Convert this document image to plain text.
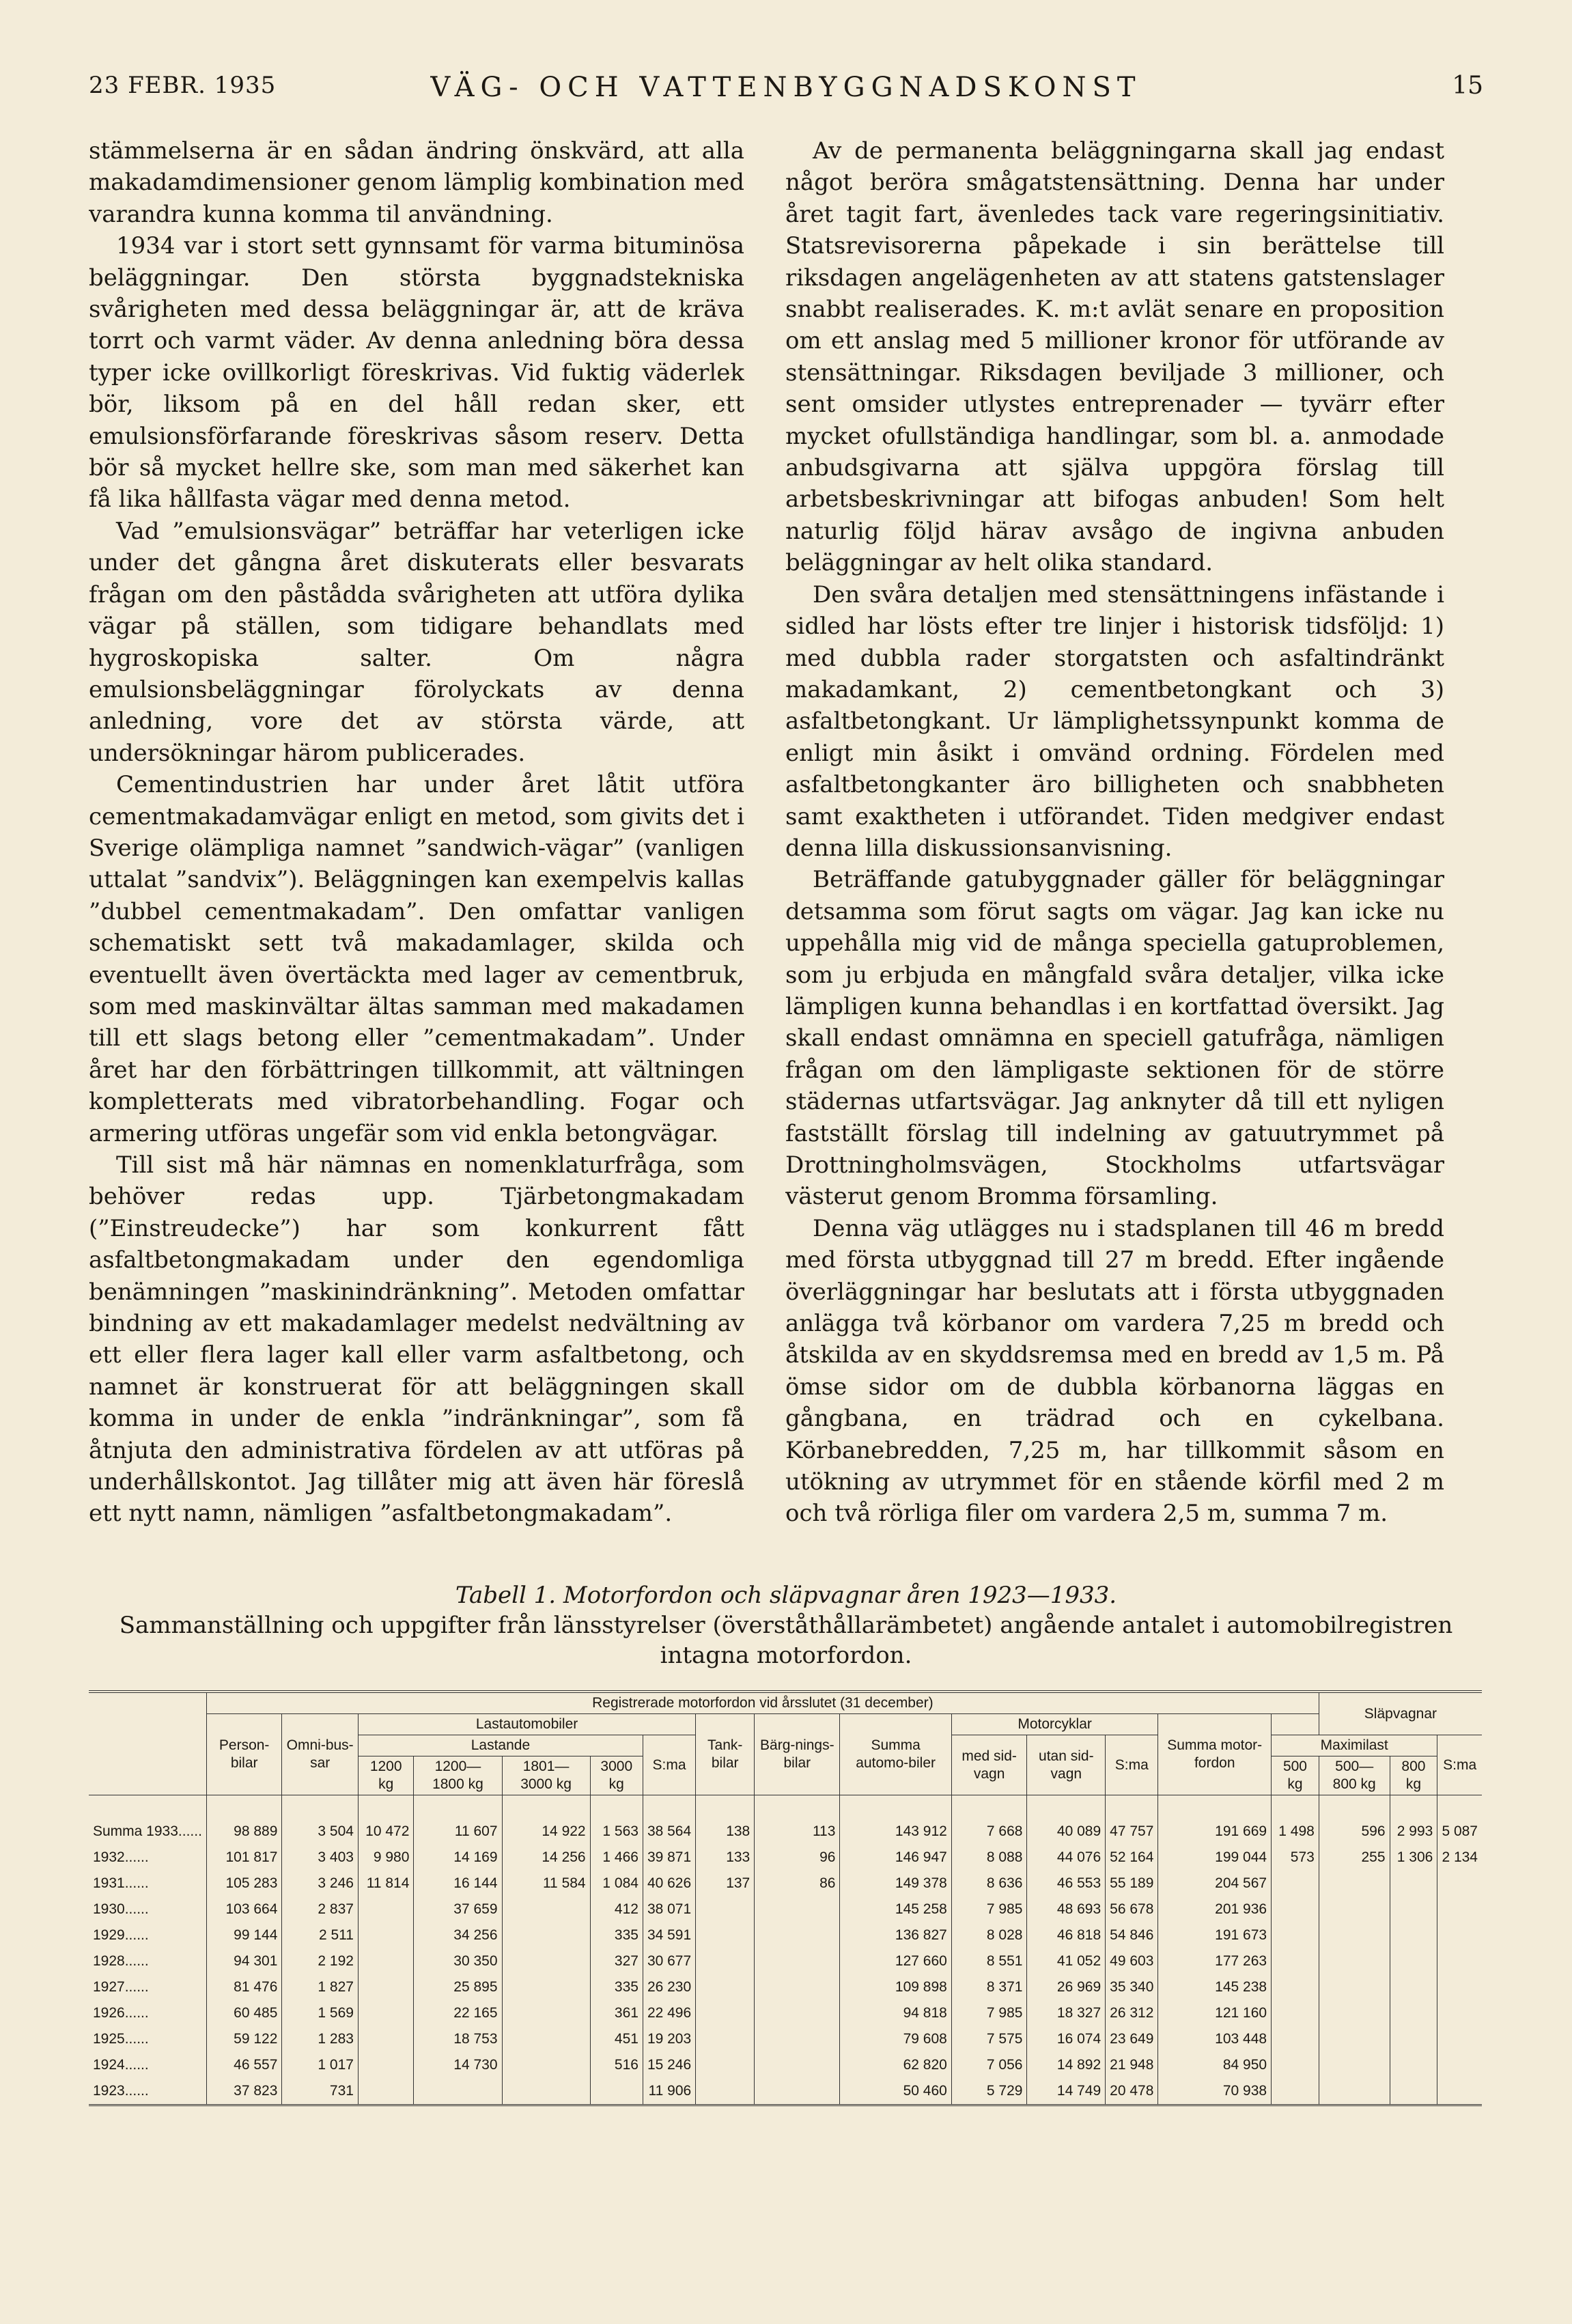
23 FEBR. 1935	VÄG- OCH VATTENBYGGNADSKONST	15

stämmelserna är en sådan ändring önskvärd, att alla makadamdimensioner genom lämplig kombination med varandra kunna komma til användning.

1934 var i stort sett gynnsamt för varma bituminösa beläggningar. Den största byggnadstekniska svårigheten med dessa beläggningar är, att de kräva torrt och varmt väder. Av denna anledning böra dessa typer icke ovillkorligt föreskrivas. Vid fuktig väderlek bör, liksom på en del håll redan sker, ett emulsionsförfarande föreskrivas såsom reserv. Detta bör så mycket hellre ske, som man med säkerhet kan få lika hållfasta vägar med denna metod.

Vad ”emulsionsvägar” beträffar har veterligen icke under det gångna året diskuterats eller besvarats frågan om den påstådda svårigheten att utföra dylika vägar på ställen, som tidigare behandlats med hygroskopiska salter. Om några emulsionsbeläggningar förolyckats av denna anledning, vore det av största värde, att undersökningar härom publicerades.

Cementindustrien har under året låtit utföra cementmakadamvägar enligt en metod, som givits det i Sverige olämpliga namnet ”sandwich-vägar” (vanligen uttalat ”sandvix”). Beläggningen kan exempelvis kallas ”dubbel cementmakadam”. Den omfattar vanligen schematiskt sett två makadamlager, skilda och eventuellt även övertäckta med lager av cementbruk, som med maskinvältar ältas samman med makadamen till ett slags betong eller ”cementmakadam”. Under året har den förbättringen tillkommit, att vältningen kompletterats med vibratorbehandling. Fogar och armering utföras ungefär som vid enkla betongvägar.

Till sist må här nämnas en nomenklaturfråga, som behöver redas upp. Tjärbetongmakadam (”Einstreudecke”) har som konkurrent fått asfaltbetongmakadam under den egendomliga benämningen ”maskinindränkning”. Metoden omfattar bindning av ett makadamlager medelst nedvältning av ett eller flera lager kall eller varm asfaltbetong, och namnet är konstruerat för att beläggningen skall komma in under de enkla ”indränkningar”, som få åtnjuta den administrativa fördelen av att utföras på underhållskontot. Jag tillåter mig att även här föreslå ett nytt namn, nämligen ”asfaltbetongmakadam”.

Av de permanenta beläggningarna skall jag endast något beröra smågatstensättning. Denna har under året tagit fart, ävenledes tack vare regeringsinitiativ. Statsrevisorerna påpekade i sin berättelse till riksdagen angelägenheten av att statens gatstenslager snabbt realiserades. K. m:t avlät senare en proposition om ett anslag med 5 millioner kronor för utförande av stensättningar. Riksdagen beviljade 3 millioner, och sent omsider utlystes entreprenader — tyvärr efter mycket ofullständiga handlingar, som bl. a. anmodade anbudsgivarna att själva uppgöra förslag till arbetsbeskrivningar att bifogas anbuden! Som helt naturlig följd härav avsågo de ingivna anbuden beläggningar av helt olika standard.

Den svåra detaljen med stensättningens infästande i sidled har lösts efter tre linjer i historisk tidsföljd: 1) med dubbla rader storgatsten och asfaltindränkt makadamkant, 2) cementbetongkant och 3) asfaltbetongkant. Ur lämplighetssynpunkt komma de enligt min åsikt i omvänd ordning. Fördelen med asfaltbetongkanter äro billigheten och snabbheten samt exaktheten i utförandet. Tiden medgiver endast denna lilla diskussionsanvisning.

Beträffande gatubyggnader gäller för beläggningar detsamma som förut sagts om vägar. Jag kan icke nu uppehålla mig vid de många speciella gatuproblemen, som ju erbjuda en mångfald svåra detaljer, vilka icke lämpligen kunna behandlas i en kortfattad översikt. Jag skall endast omnämna en speciell gatufråga, nämligen frågan om den lämpligaste sektionen för de större städernas utfartsvägar. Jag anknyter då till ett nyligen fastställt förslag till indelning av gatuutrymmet på Drottningholmsvägen, Stockholms utfartsvägar västerut genom Bromma församling.

Denna väg utlägges nu i stadsplanen till 46 m bredd med första utbyggnad till 27 m bredd. Efter ingående överläggningar har beslutats att i första utbyggnaden anlägga två körbanor om vardera 7,25 m bredd och åtskilda av en skyddsremsa med en bredd av 1,5 m. På ömse sidor om de dubbla körbanorna läggas en gångbana, en trädrad och en cykelbana. Körbanebredden, 7,25 m, har tillkommit såsom en utökning av utrymmet för en stående körfil med 2 m och två rörliga filer om vardera 2,5 m, summa 7 m.

Tabell 1. Motorfordon och släpvagnar åren 1923—1933.
Sammanställning och uppgifter från länsstyrelser (överståthållarämbetet) angående antalet i automobilregistren intagna motorfordon.
	Registrerade motorfordon vid årsslutet (31 december)															Släpvagnar		
	Person-bilar	Omni-bus-sar	Lastautomobiler					Tank-bilar	Bärg-nings-bilar	Summa automo-biler	Motorcyklar			Summa motor-fordon				
			Lastande				S:ma				med sid-vagn	utan sid-vagn	S:ma		Maximilast			S:ma
			1200 kg	1200— 1800 kg	1801— 3000 kg	3000 kg									500 kg	500— 800 kg	800 kg	
Summa 1933......	98 889	3 504	10 472	11 607	14 922	1 563	38 564	138	113	143 912	7 668	40 089	47 757	191 669	1 498	596	2 993	5 087
1932......	101 817	3 403	9 980	14 169	14 256	1 466	39 871	133	96	146 947	8 088	44 076	52 164	199 044	573	255	1 306	2 134
1931......	105 283	3 246	11 814	16 144	11 584	1 084	40 626	137	86	149 378	8 636	46 553	55 189	204 567				
1930......	103 664	2 837		37 659		412	38 071			145 258	7 985	48 693	56 678	201 936				
1929......	99 144	2 511		34 256		335	34 591			136 827	8 028	46 818	54 846	191 673				
1928......	94 301	2 192		30 350		327	30 677			127 660	8 551	41 052	49 603	177 263				
1927......	81 476	1 827		25 895		335	26 230			109 898	8 371	26 969	35 340	145 238				
1926......	60 485	1 569		22 165		361	22 496			94 818	7 985	18 327	26 312	121 160				
1925......	59 122	1 283		18 753		451	19 203			79 608	7 575	16 074	23 649	103 448				
1924......	46 557	1 017		14 730		516	15 246			62 820	7 056	14 892	21 948	84 950				
1923......	37 823	731					11 906			50 460	5 729	14 749	20 478	70 938				
